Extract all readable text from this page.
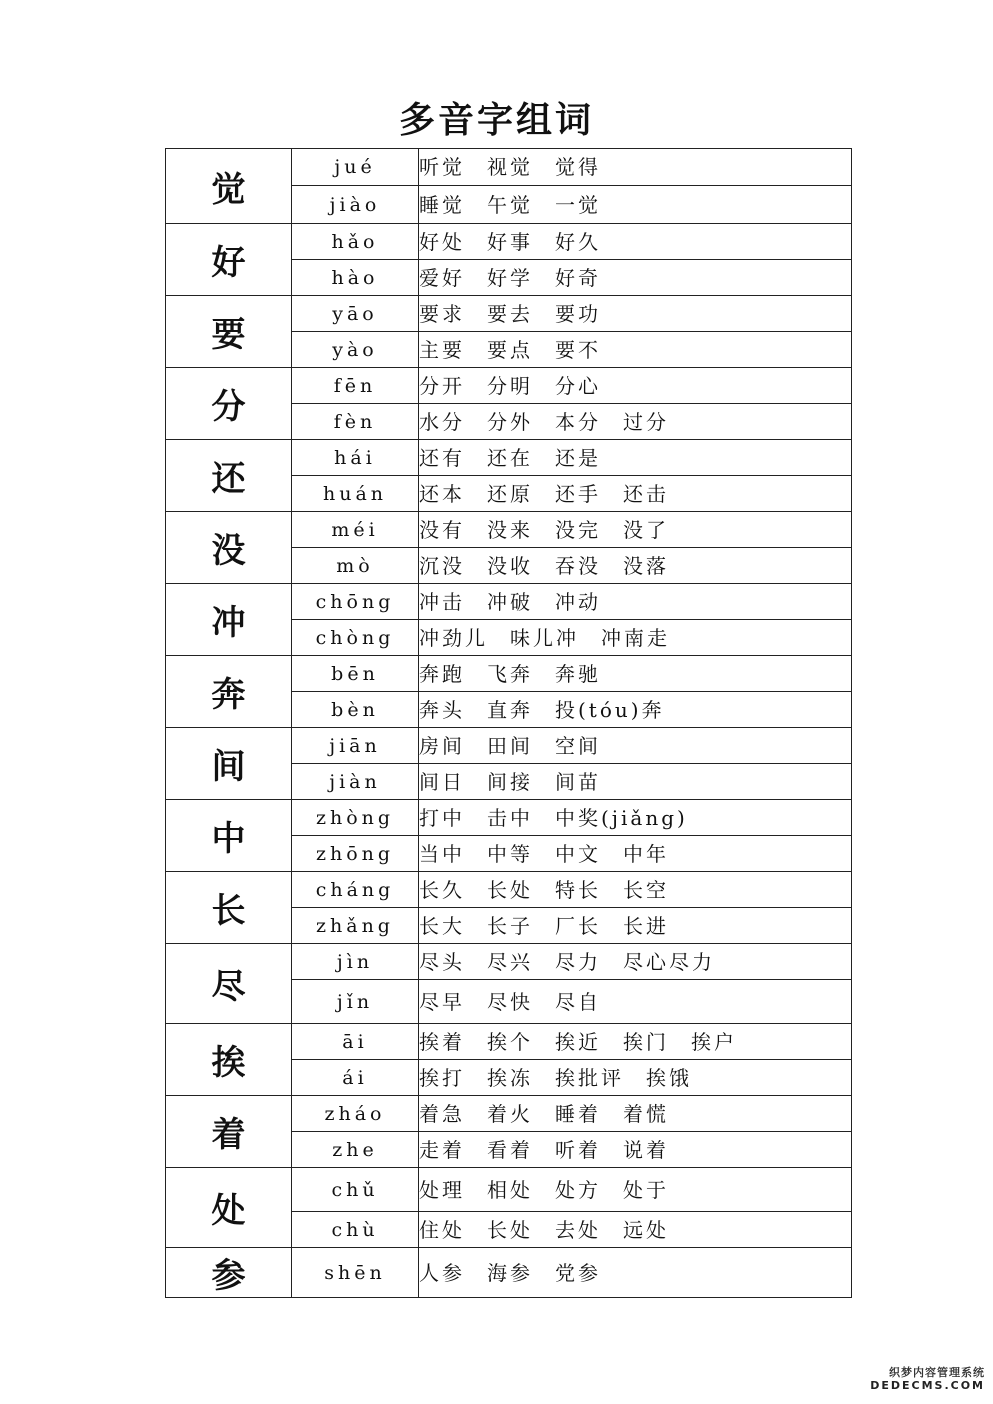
多音字组词
觉	jué	听觉 视觉 觉得
	jiào	睡觉 午觉 一觉
好	hǎo	好处 好事 好久
	hào	爱好 好学 好奇
要	yāo	要求 要去 要功
	yào	主要 要点 要不
分	fēn	分开 分明 分心
	fèn	水分 分外 本分 过分
还	hái	还有 还在 还是
	huán	还本 还原 还手 还击
没	méi	没有 没来 没完 没了
	mò	沉没 没收 吞没 没落
冲	chōng	冲击 冲破 冲动
	chòng	冲劲儿 味儿冲 冲南走
奔	bēn	奔跑 飞奔 奔驰
	bèn	奔头 直奔 投(tóu)奔
间	jiān	房间 田间 空间
	jiàn	间日 间接 间苗
中	zhòng	打中 击中 中奖(jiǎng)
	zhōng	当中 中等 中文 中年
长	cháng	长久 长处 特长 长空
	zhǎng	长大 长子 厂长 长进
尽	jìn	尽头 尽兴 尽力 尽心尽力
	jǐn	尽早 尽快 尽自
挨	āi	挨着 挨个 挨近 挨门 挨户
	ái	挨打 挨冻 挨批评 挨饿
着	zháo	着急 着火 睡着 着慌
	zhe	走着 看着 听着 说着
处	chǔ	处理 相处 处方 处于
	chù	住处 长处 去处 远处
参	shēn	人参 海参 党参
织梦内容管理系统
DEDECMS.COM
